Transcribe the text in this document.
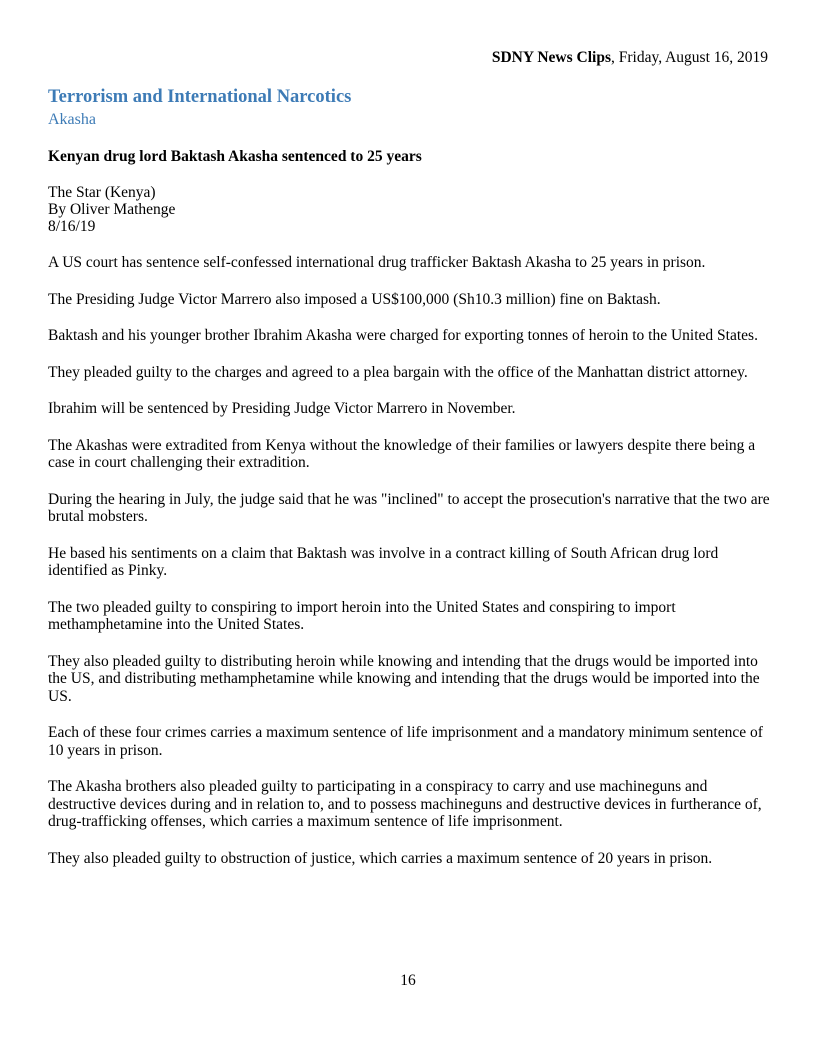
SDNY News Clips, Friday, August 16, 2019
Terrorism and International Narcotics
Akasha
Kenyan drug lord Baktash Akasha sentenced to 25 years
The Star (Kenya)
By Oliver Mathenge
8/16/19
A US court has sentence self-confessed international drug trafficker Baktash Akasha to 25 years in prison.
The Presiding Judge Victor Marrero also imposed a US$100,000 (Sh10.3 million) fine on Baktash.
Baktash and his younger brother Ibrahim Akasha were charged for exporting tonnes of heroin to the United States.
They pleaded guilty to the charges and agreed to a plea bargain with the office of the Manhattan district attorney.
Ibrahim will be sentenced by Presiding Judge Victor Marrero in November.
The Akashas were extradited from Kenya without the knowledge of their families or lawyers despite there being a case in court challenging their extradition.
During the hearing in July, the judge said that he was "inclined" to accept the prosecution's narrative that the two are brutal mobsters.
He based his sentiments on a claim that Baktash was involve in a contract killing of South African drug lord identified as Pinky.
The two pleaded guilty to conspiring to import heroin into the United States and conspiring to import methamphetamine into the United States.
They also pleaded guilty to distributing heroin while knowing and intending that the drugs would be imported into the US, and distributing methamphetamine while knowing and intending that the drugs would be imported into the US.
Each of these four crimes carries a maximum sentence of life imprisonment and a mandatory minimum sentence of 10 years in prison.
The Akasha brothers also pleaded guilty to participating in a conspiracy to carry and use machineguns and destructive devices during and in relation to, and to possess machineguns and destructive devices in furtherance of, drug-trafficking offenses, which carries a maximum sentence of life imprisonment.
They also pleaded guilty to obstruction of justice, which carries a maximum sentence of 20 years in prison.
16
